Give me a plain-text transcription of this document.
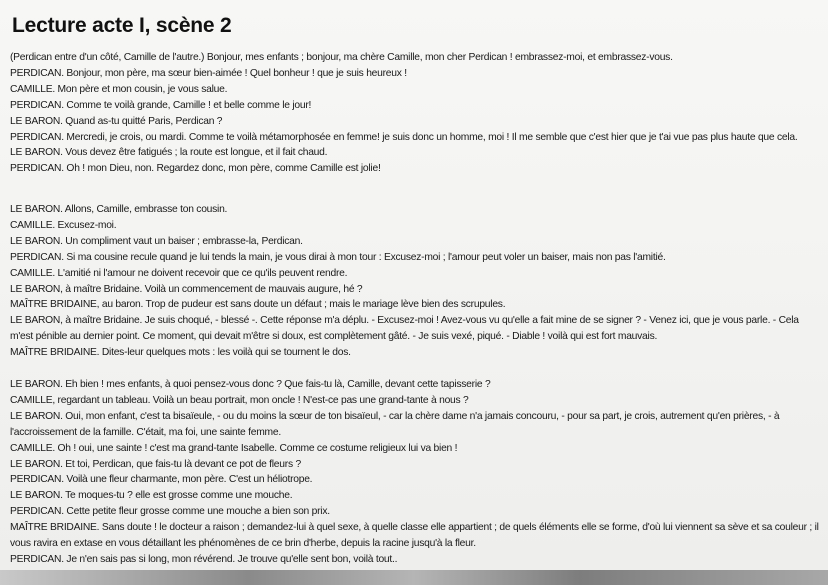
Lecture acte I, scène 2

(Perdican entre d'un côté, Camille de l'autre.) Bonjour, mes enfants ; bonjour, ma chère Camille, mon cher Perdican ! embrassez-moi, et embrassez-vous.

PERDICAN. Bonjour, mon père, ma sœur bien-aimée ! Quel bonheur ! que je suis heureux !

CAMILLE. Mon père et mon cousin, je vous salue.

PERDICAN. Comme te voilà grande, Camille ! et belle comme le jour!

LE BARON. Quand as-tu quitté Paris, Perdican ?

PERDICAN. Mercredi, je crois, ou mardi. Comme te voilà métamorphosée en femme! je suis donc un homme, moi ! Il me semble que c'est hier que je t'ai vue pas plus haute que cela.

LE BARON. Vous devez être fatigués ; la route est longue, et il fait chaud.

PERDICAN. Oh ! mon Dieu, non. Regardez donc, mon père, comme Camille est jolie!

LE BARON. Allons, Camille, embrasse ton cousin.

CAMILLE. Excusez-moi.

LE BARON. Un compliment vaut un baiser ; embrasse-la, Perdican.

PERDICAN. Si ma cousine recule quand je lui tends la main, je vous dirai à mon tour : Excusez-moi ; l'amour peut voler un baiser, mais non pas l'amitié.

CAMILLE. L'amitié ni l'amour ne doivent recevoir que ce qu'ils peuvent rendre.

LE BARON, à maître Bridaine. Voilà un commencement de mauvais augure, hé ?

MAÎTRE BRIDAINE, au baron. Trop de pudeur est sans doute un défaut ; mais le mariage lève bien des scrupules.

LE BARON, à maître Bridaine. Je suis choqué, - blessé -. Cette réponse m'a déplu. - Excusez-moi ! Avez-vous vu qu'elle a fait mine de se signer ? - Venez ici, que je vous parle. - Cela m'est pénible au dernier point. Ce moment, qui devait m'être si doux, est complètement gâté. - Je suis vexé, piqué. - Diable ! voilà qui est fort mauvais.

MAÎTRE BRIDAINE. Dites-leur quelques mots : les voilà qui se tournent le dos.

LE BARON. Eh bien ! mes enfants, à quoi pensez-vous donc ? Que fais-tu là, Camille, devant cette tapisserie ?

CAMILLE, regardant un tableau. Voilà un beau portrait, mon oncle ! N'est-ce pas une grand-tante à nous ?

LE BARON. Oui, mon enfant, c'est ta bisaïeule, - ou du moins la sœur de ton bisaïeul, - car la chère dame n'a jamais concouru, - pour sa part, je crois, autrement qu'en prières, - à l'accroissement de la famille. C'était, ma foi, une sainte femme.

CAMILLE. Oh ! oui, une sainte ! c'est ma grand-tante Isabelle. Comme ce costume religieux lui va bien !

LE BARON. Et toi, Perdican, que fais-tu là devant ce pot de fleurs ?

PERDICAN. Voilà une fleur charmante, mon père. C'est un héliotrope.

LE BARON. Te moques-tu ? elle est grosse comme une mouche.

PERDICAN. Cette petite fleur grosse comme une mouche a bien son prix.

MAÎTRE BRIDAINE. Sans doute ! le docteur a raison ; demandez-lui à quel sexe, à quelle classe elle appartient ; de quels éléments elle se forme, d'où lui viennent sa sève et sa couleur ; il vous ravira en extase en vous détaillant les phénomènes de ce brin d'herbe, depuis la racine jusqu'à la fleur.

PERDICAN. Je n'en sais pas si long, mon révérend. Je trouve qu'elle sent bon, voilà tout..
